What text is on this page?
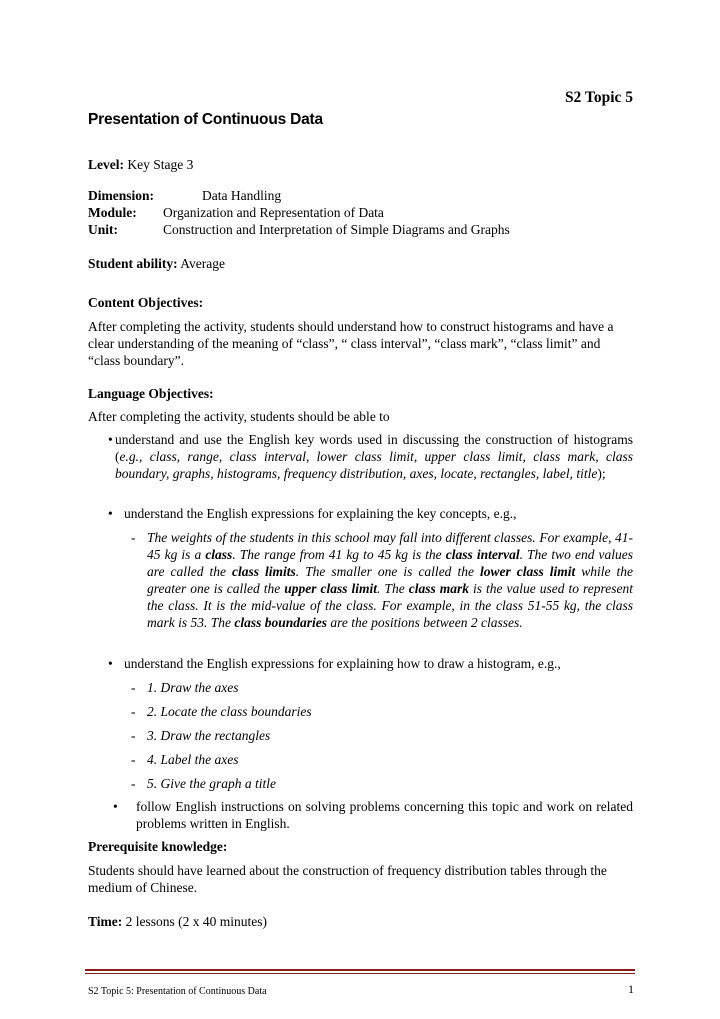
S2 Topic 5
Presentation of Continuous Data
Level: Key Stage 3
Dimension:	Data Handling
Module: Organization and Representation of Data
Unit:	Construction and Interpretation of Simple Diagrams and Graphs
Student ability: Average
Content Objectives:
After completing the activity, students should understand how to construct histograms and have a clear understanding of the meaning of “class”, “ class interval”, “class mark”, “class limit” and “class boundary”.
Language Objectives:
After completing the activity, students should be able to
• understand and use the English key words used in discussing the construction of histograms (e.g., class, range, class interval, lower class limit, upper class limit, class mark, class boundary, graphs, histograms, frequency distribution, axes, locate, rectangles, label, title);
• understand the English expressions for explaining the key concepts, e.g.,
- The weights of the students in this school may fall into different classes. For example, 41-45 kg is a class. The range from 41 kg to 45 kg is the class interval. The two end values are called the class limits. The smaller one is called the lower class limit while the greater one is called the upper class limit. The class mark is the value used to represent the class. It is the mid-value of the class. For example, in the class 51-55 kg, the class mark is 53. The class boundaries are the positions between 2 classes.
• understand the English expressions for explaining how to draw a histogram, e.g.,
- 1. Draw the axes
- 2. Locate the class boundaries
- 3. Draw the rectangles
- 4. Label the axes
- 5. Give the graph a title
• follow English instructions on solving problems concerning this topic and work on related problems written in English.
Prerequisite knowledge:
Students should have learned about the construction of frequency distribution tables through the medium of Chinese.
Time: 2 lessons (2 x 40 minutes)
S2 Topic 5: Presentation of Continuous Data	1
